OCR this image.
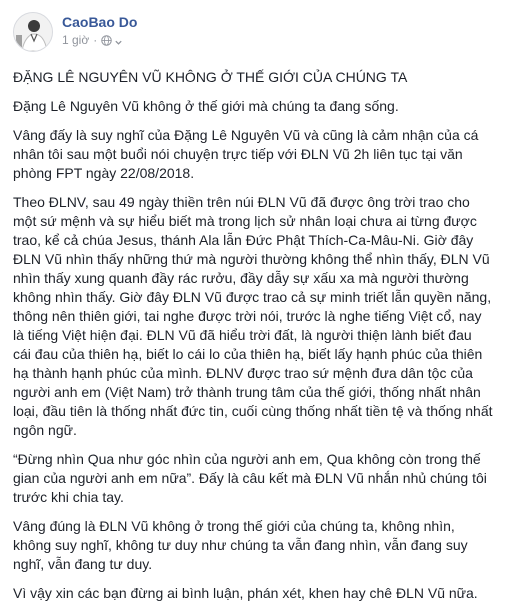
CaoBao Do
1 giờ ·

ĐẶNG LÊ NGUYÊN VŨ KHÔNG Ở THẾ GIỚI CỦA CHÚNG TA

Đặng Lê Nguyên Vũ không ở thế giới mà chúng ta đang sống.

Vâng đấy là suy nghĩ của Đặng Lê Nguyên Vũ và cũng là cảm nhận của cá nhân tôi sau một buổi nói chuyện trực tiếp với ĐLN Vũ 2h liên tục tại văn phòng FPT ngày 22/08/2018.

Theo ĐLNV, sau 49 ngày thiền trên núi ĐLN Vũ đã được ông trời trao cho một sứ mệnh và sự hiểu biết mà trong lịch sử nhân loại chưa ai từng được trao, kể cả chúa Jesus, thánh Ala lẫn Đức Phật Thích-Ca-Mâu-Ni. Giờ đây ĐLN Vũ nhìn thấy những thứ mà người thường không thể nhìn thấy, ĐLN Vũ nhìn thấy xung quanh đầy rác rưởu, đầy dẫy sự xấu xa mà người thường không nhìn thấy. Giờ đây ĐLN Vũ được trao cả sự minh triết lẫn quyền năng, thông nên thiên giới, tai nghe được trời nói, trước là nghe tiếng Việt cổ, nay là tiếng Việt hiện đại. ĐLN Vũ đã hiểu trời đất, là người thiện lành biết đau cái đau của thiên hạ, biết lo cái lo của thiên hạ, biết lấy hạnh phúc của thiên hạ thành hạnh phúc của mình. ĐLNV được trao sứ mệnh đưa dân tộc của người anh em (Việt Nam) trở thành trung tâm của thế giới, thống nhất nhân loại, đầu tiên là thống nhất đức tin, cuối cùng thống nhất tiền tệ và thống nhất ngôn ngữ.

“Đừng nhìn Qua như góc nhìn của người anh em, Qua không còn trong thế gian của người anh em nữa”. Đấy là câu kết mà ĐLN Vũ nhắn nhủ chúng tôi trước khi chia tay.

Vâng đúng là ĐLN Vũ không ở trong thế giới của chúng ta, không nhìn, không suy nghĩ, không tư duy như chúng ta vẫn đang nhìn, vẫn đang suy nghĩ, vẫn đang tư duy.

Vì vậy xin các bạn đừng ai bình luận, phán xét, khen hay chê ĐLN Vũ nữa.
